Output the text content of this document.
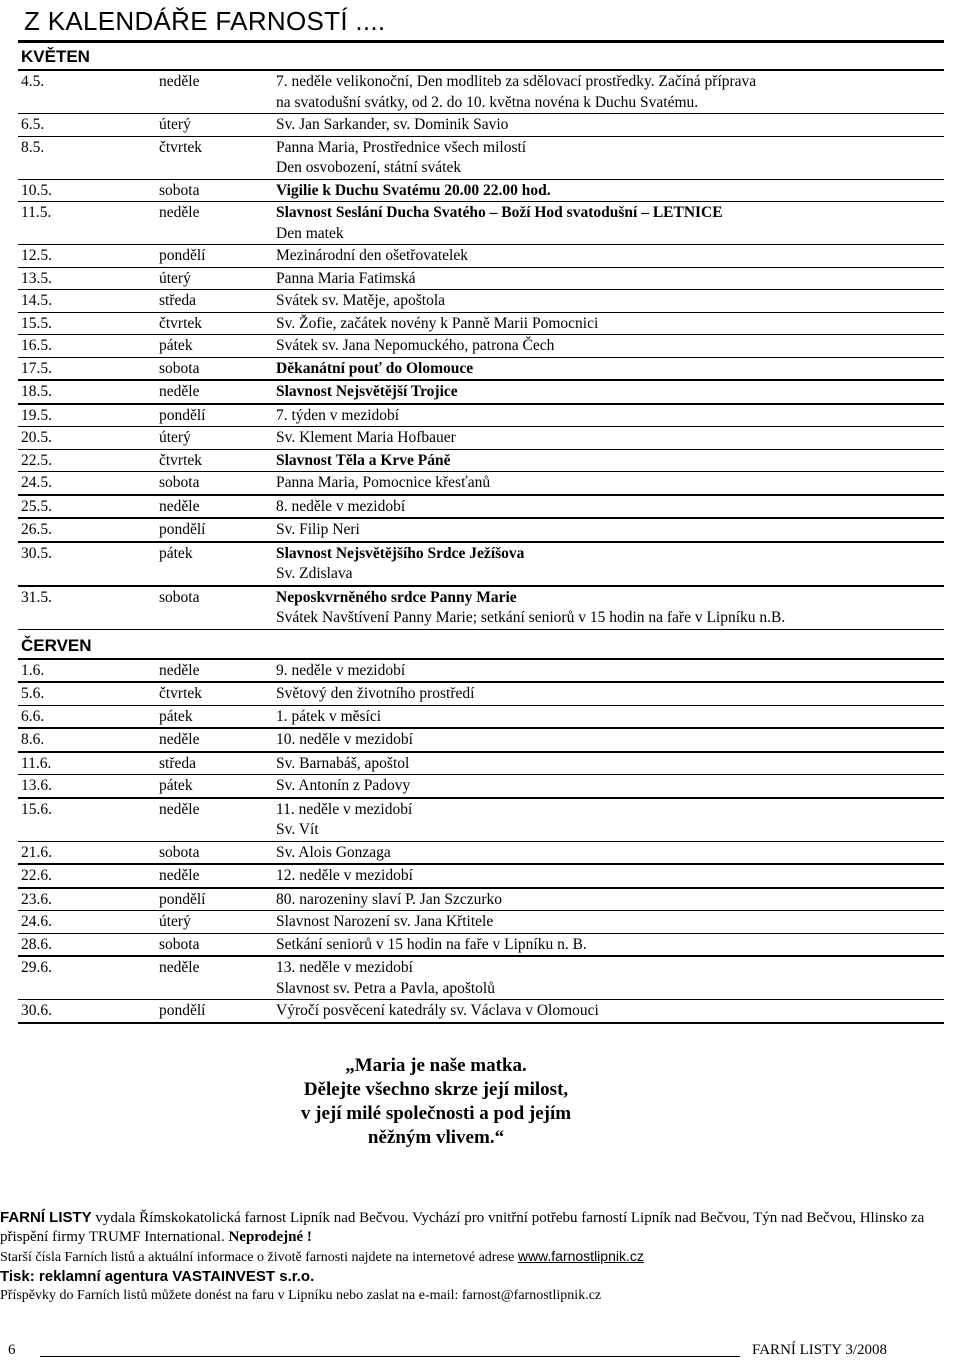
Z KALENDÁŘE FARNOSTÍ ....
KVĚTEN
4.5.	neděle	7. neděle velikonoční, Den modliteb za sdělovací prostředky. Začíná příprava
na svatodušní svátky, od 2. do 10. května novéna k Duchu Svatému.
6.5.	úterý	Sv. Jan Sarkander, sv. Dominik Savio
8.5.	čtvrtek	Panna Maria, Prostřednice všech milostí
Den osvobození, státní svátek
10.5.	sobota	Vigilie k Duchu Svatému 20.00 22.00 hod.
11.5.	neděle	Slavnost Seslání Ducha Svatého – Boží Hod svatodušní – LETNICE
Den matek
12.5.	pondělí	Mezinárodní den ošetřovatelek
13.5.	úterý	Panna Maria Fatimská
14.5.	středa	Svátek sv. Matěje, apoštola
15.5.	čtvrtek	Sv. Žofie, začátek novény k Panně Marii Pomocnici
16.5.	pátek	Svátek sv. Jana Nepomuckého, patrona Čech
17.5.	sobota	Děkanátní pouť do Olomouce
18.5.	neděle	Slavnost Nejsvětější Trojice
19.5.	pondělí	7. týden v mezidobí
20.5.	úterý	Sv. Klement Maria Hofbauer
22.5.	čtvrtek	Slavnost Těla a Krve Páně
24.5.	sobota	Panna Maria, Pomocnice křesťanů
25.5.	neděle	8. neděle v mezidobí
26.5.	pondělí	Sv. Filip Neri
30.5.	pátek	Slavnost Nejsvětějšího Srdce Ježíšova
Sv. Zdislava
31.5.	sobota	Neposkvrněného srdce Panny Marie
Svátek Navštívení Panny Marie; setkání seniorů v 15 hodin na faře v Lipníku n.B.
ČERVEN
1.6.	neděle	9. neděle v mezidobí
5.6.	čtvrtek	Světový den životního prostředí
6.6.	pátek	1. pátek v měsíci
8.6.	neděle	10. neděle v mezidobí
11.6.	středa	Sv. Barnabáš, apoštol
13.6.	pátek	Sv. Antonín z Padovy
15.6.	neděle	11. neděle v mezidobí
Sv. Vít
21.6.	sobota	Sv. Alois Gonzaga
22.6.	neděle	12. neděle v mezidobí
23.6.	pondělí	80. narozeniny slaví P. Jan Szczurko
24.6.	úterý	Slavnost Narození sv. Jana Křtitele
28.6.	sobota	Setkání seniorů v 15 hodin na faře v Lipníku n. B.
29.6.	neděle	13. neděle v mezidobí
Slavnost sv. Petra a Pavla, apoštolů
30.6.	pondělí	Výročí posvěcení katedrály sv. Václava v Olomouci
„Maria je naše matka.
Dělejte všechno skrze její milost,
v její milé společnosti a pod jejím
něžným vlivem.“
FARNÍ LISTY vydala Římskokatolická farnost Lipník nad Bečvou. Vychází pro vnitřní potřebu farností Lipník nad Bečvou, Týn nad Bečvou, Hlinsko za přispění firmy TRUMF International. Neprodejné !
Starší čísla Farních listů a aktuální informace o životě farnosti najdete na internetové adrese www.farnostlipnik.cz
Tisk: reklamní agentura VASTAINVEST s.r.o.
Příspěvky do Farních listů můžete donést na faru v Lipníku nebo zaslat na e-mail: farnost@farnostlipnik.cz
6	FARNÍ LISTY 3/2008
